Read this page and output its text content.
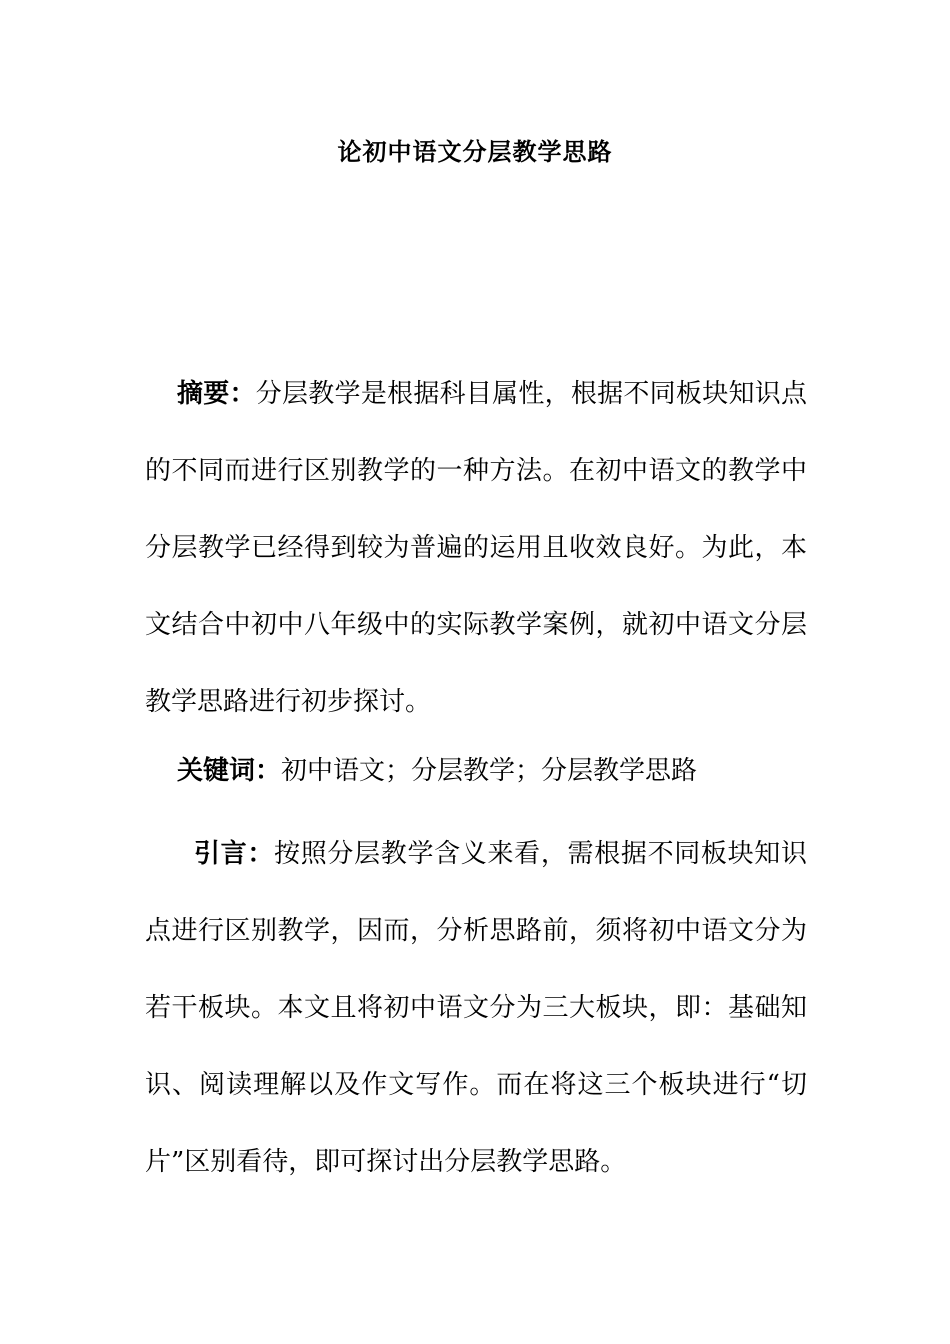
论初中语文分层教学思路
摘要：分层教学是根据科目属性，根据不同板块知识点
的不同而进行区别教学的一种方法。在初中语文的教学中
分层教学已经得到较为普遍的运用且收效良好。为此，本
文结合中初中八年级中的实际教学案例，就初中语文分层
教学思路进行初步探讨。
关键词：初中语文；分层教学；分层教学思路
引言：按照分层教学含义来看，需根据不同板块知识
点进行区别教学，因而，分析思路前，须将初中语文分为
若干板块。本文且将初中语文分为三大板块，即：基础知
识、阅读理解以及作文写作。而在将这三个板块进行“切
片”区别看待，即可探讨出分层教学思路。
